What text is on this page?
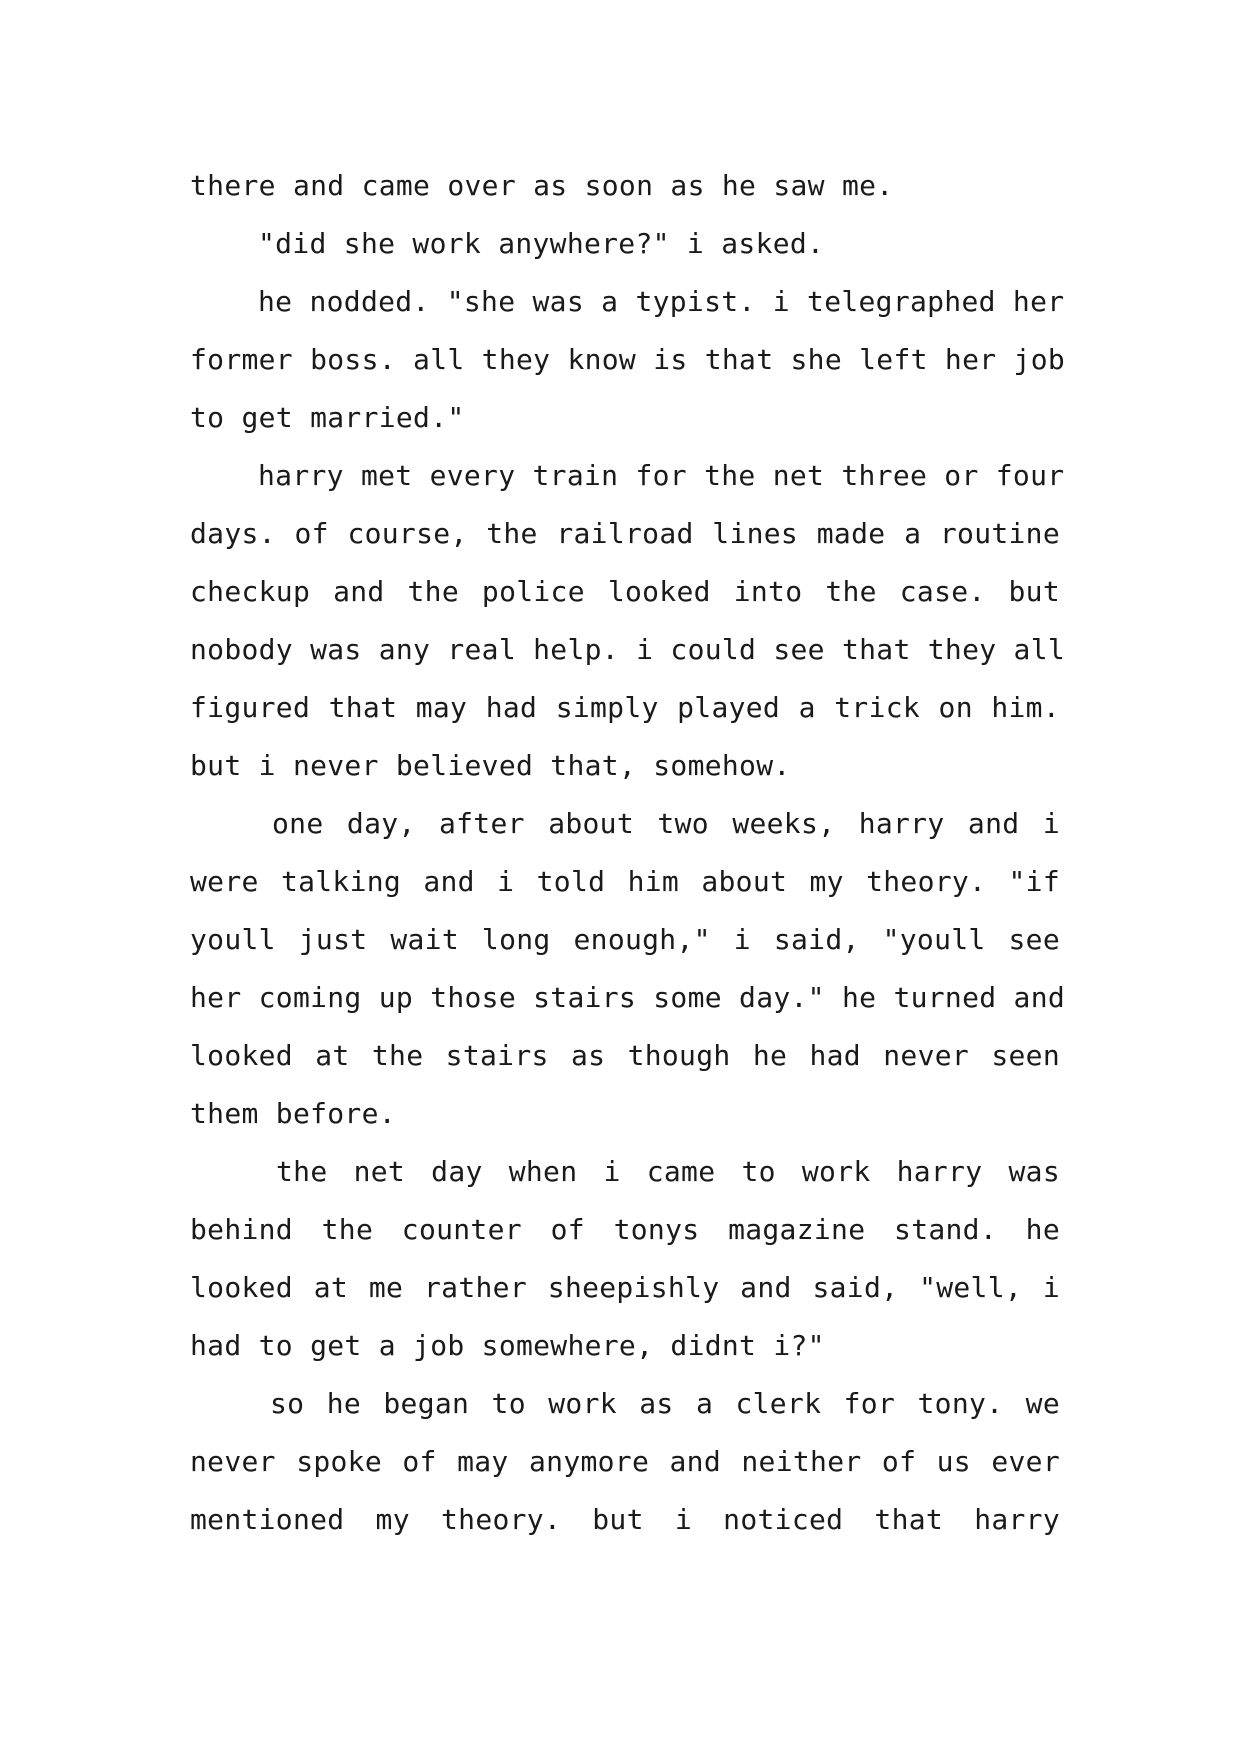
there and came over as soon as he saw me.
"did she work anywhere?" i asked.
he nodded. "she was a typist. i telegraphed her
former boss. all they know is that she left her job
to get married."
harry met every train for the net three or four
days. of course, the railroad lines made a routine
checkup and the police looked into the case. but
nobody was any real help. i could see that they all
figured that may had simply played a trick on him.
but i never believed that, somehow.
one day, after about two weeks, harry and i
were talking and i told him about my theory. "if
youll just wait long enough," i said, "youll see
her coming up those stairs some day." he turned and
looked at the stairs as though he had never seen
them before.
the net day when i came to work harry was
behind the counter of tonys magazine stand. he
looked at me rather sheepishly and said, "well, i
had to get a job somewhere, didnt i?"
so he began to work as a clerk for tony. we
never spoke of may anymore and neither of us ever
mentioned my theory. but i noticed that harry
